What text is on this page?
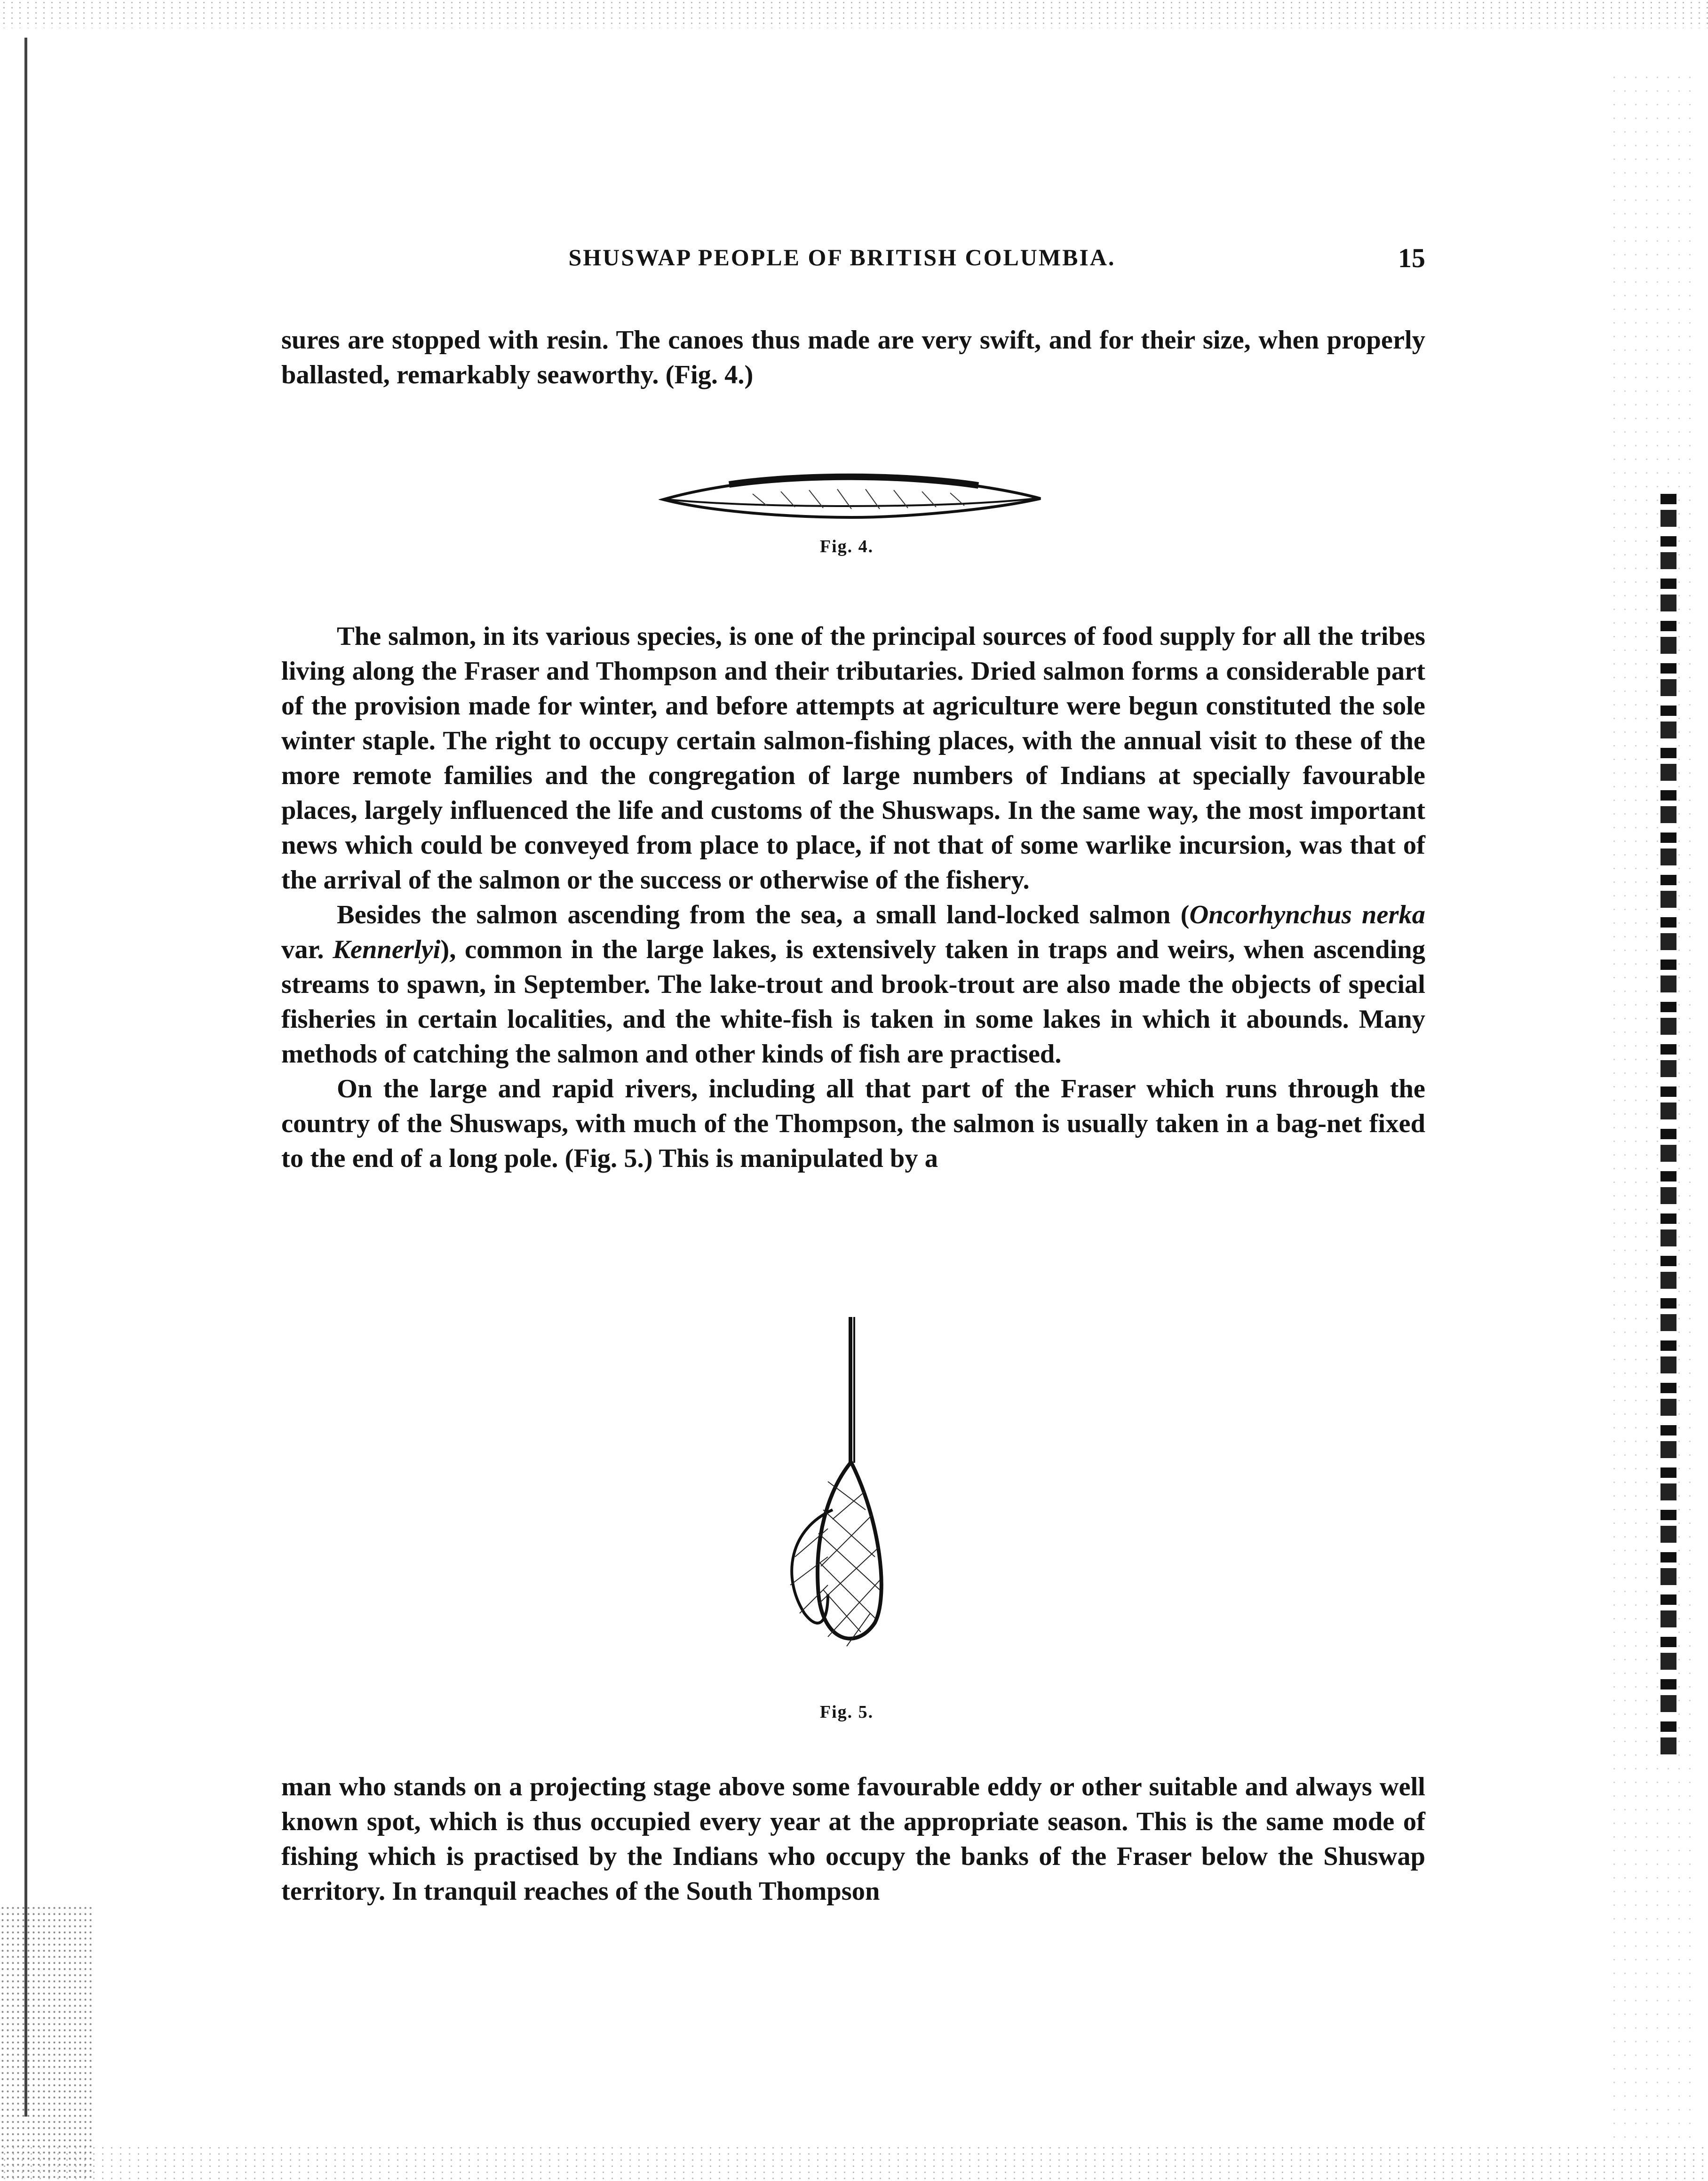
SHUSWAP PEOPLE OF BRITISH COLUMBIA.	15

sures are stopped with resin. The canoes thus made are very swift, and for their size, when properly ballasted, remarkably seaworthy. (Fig. 4.)

Fig. 4.

The salmon, in its various species, is one of the principal sources of food supply for all the tribes living along the Fraser and Thompson and their tributaries. Dried salmon forms a considerable part of the provision made for winter, and before attempts at agriculture were begun constituted the sole winter staple. The right to occupy certain salmon-fishing places, with the annual visit to these of the more remote families and the congregation of large numbers of Indians at specially favourable places, largely influenced the life and customs of the Shuswaps. In the same way, the most important news which could be conveyed from place to place, if not that of some warlike incursion, was that of the arrival of the salmon or the success or otherwise of the fishery.

Besides the salmon ascending from the sea, a small land-locked salmon (Oncorhynchus nerka var. Kennerlyi), common in the large lakes, is extensively taken in traps and weirs, when ascending streams to spawn, in September. The lake-trout and brook-trout are also made the objects of special fisheries in certain localities, and the white-fish is taken in some lakes in which it abounds. Many methods of catching the salmon and other kinds of fish are practised.

On the large and rapid rivers, including all that part of the Fraser which runs through the country of the Shuswaps, with much of the Thompson, the salmon is usually taken in a bag-net fixed to the end of a long pole. (Fig. 5.) This is manipulated by a

Fig. 5.

man who stands on a projecting stage above some favourable eddy or other suitable and always well known spot, which is thus occupied every year at the appropriate season. This is the same mode of fishing which is practised by the Indians who occupy the banks of the Fraser below the Shuswap territory. In tranquil reaches of the South Thompson
